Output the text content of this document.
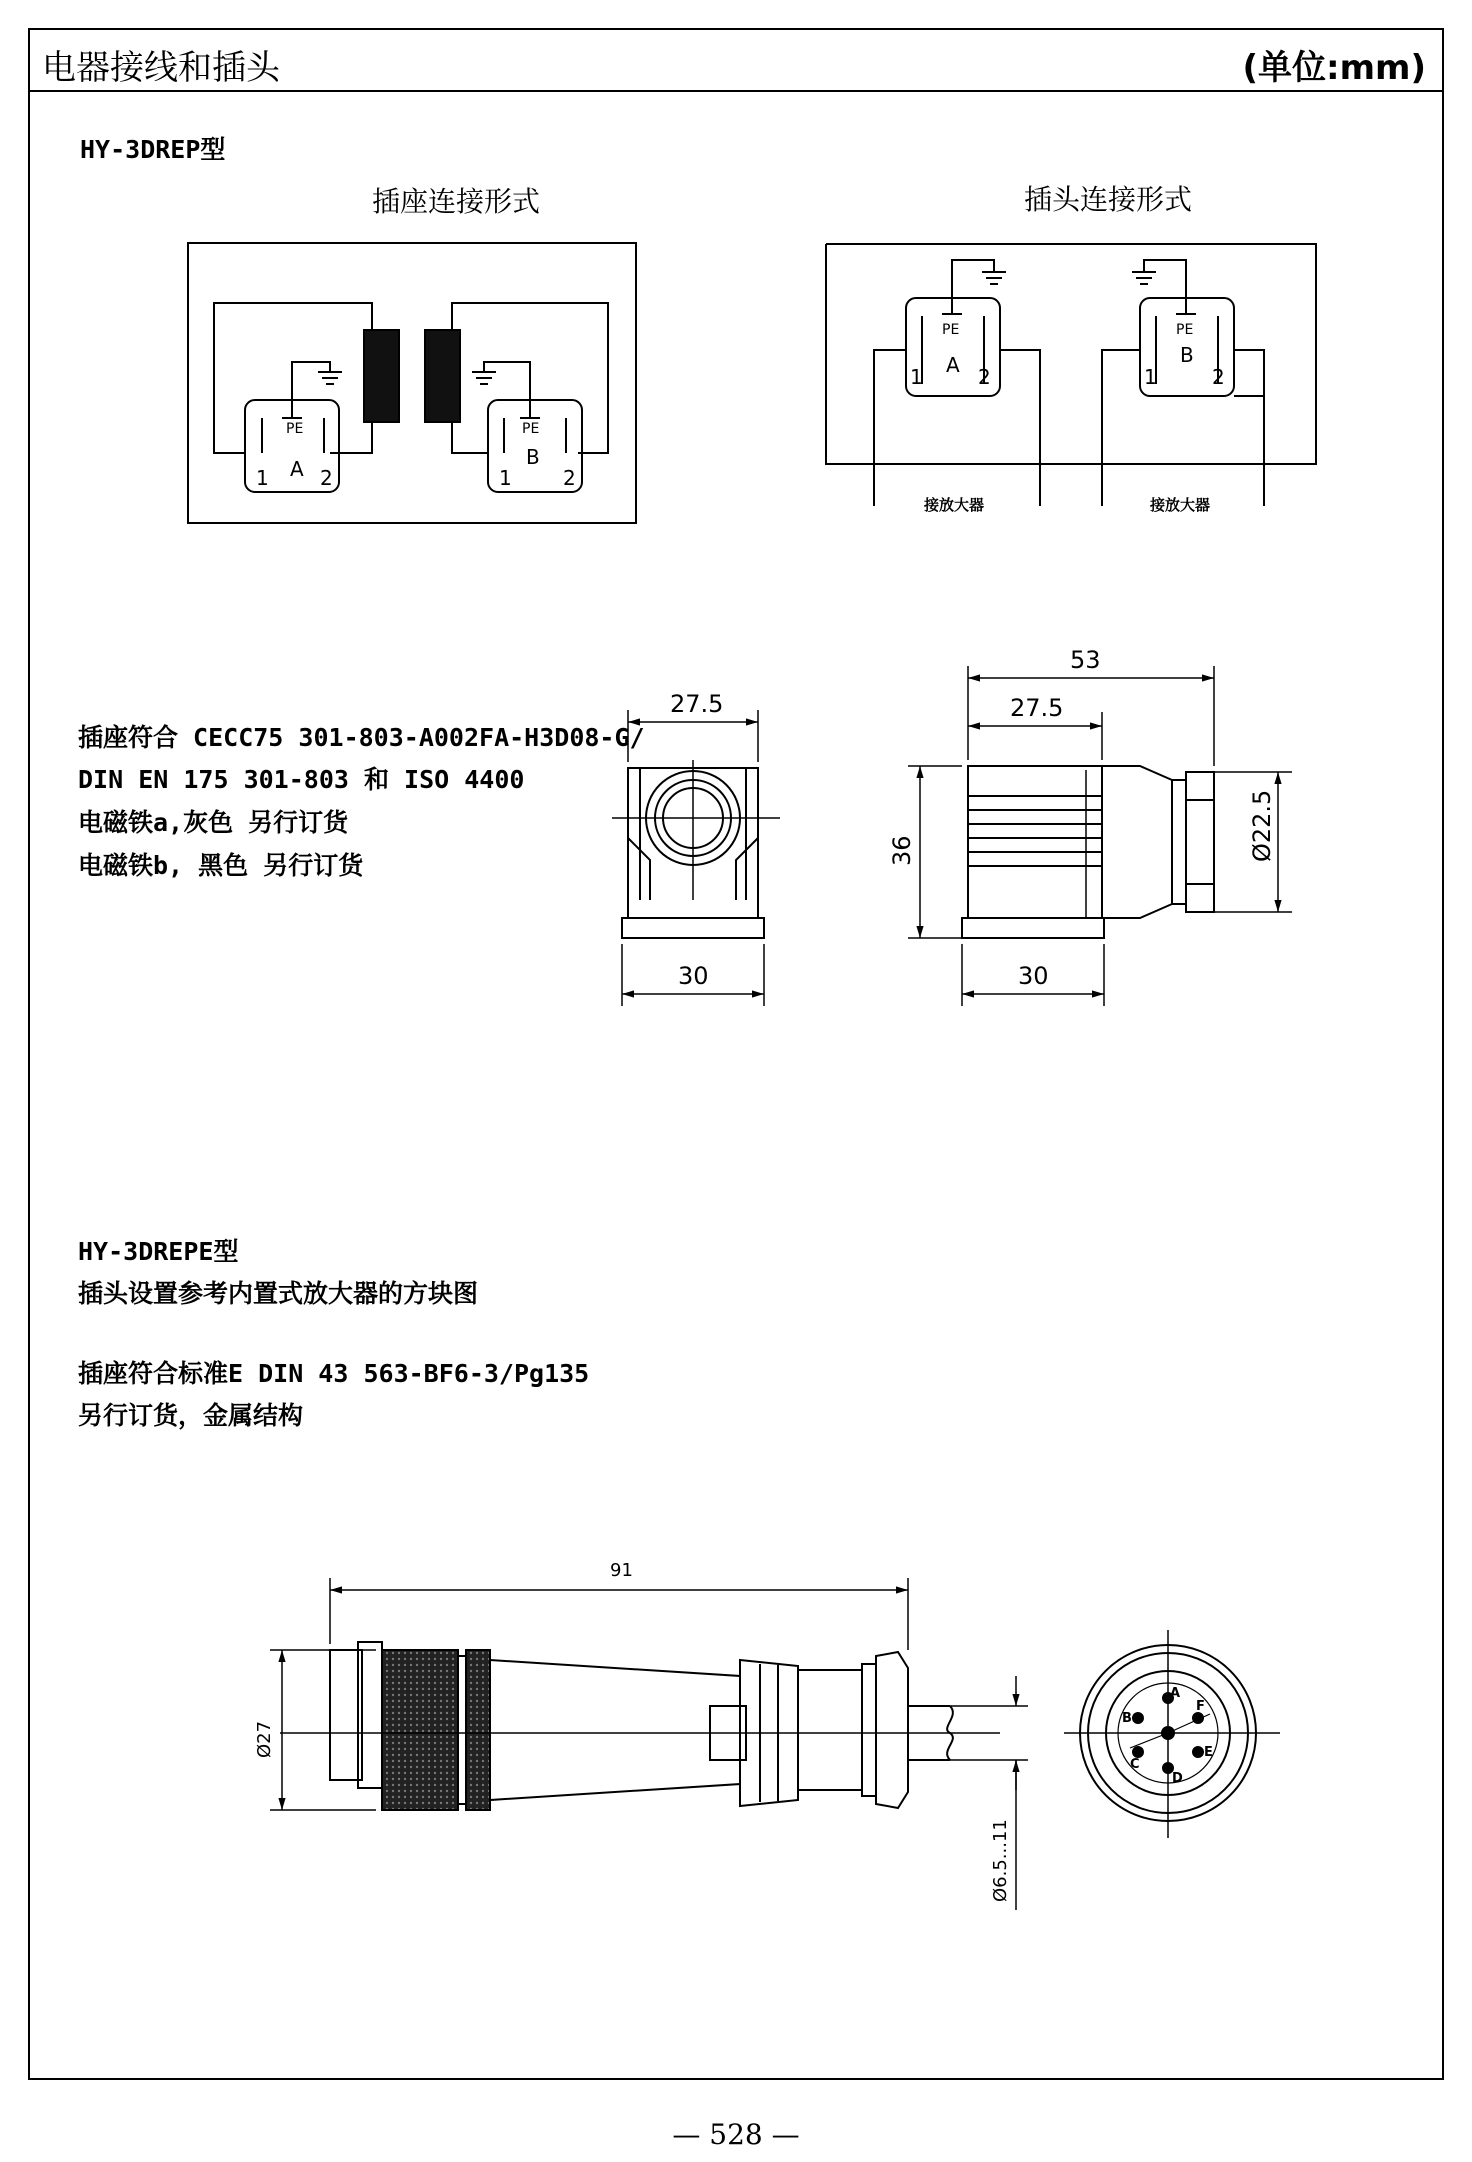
电器接线和插头	(单位:mm)
HY-3DREP型
插座连接形式	插头连接形式
插座符合 CECC75 301-803-A002FA-H3D08-G/
DIN EN 175 301-803 和 ISO 4400
电磁铁a,灰色 另行订货
电磁铁b, 黑色 另行订货
HY-3DREPE型
插头设置参考内置式放大器的方块图
插座符合标准E DIN 43 563-BF6-3/Pg135
另行订货，金属结构
PE
1 A 2
PE
1
B
2
PE
1 A 2
PE
1
B
2
接放大器	接放大器
27.5
30
53
27.5
30
36	Ø22.5
91
Ø27
Ø6.5...11
A
B
C
D
E
F
— 528 —
